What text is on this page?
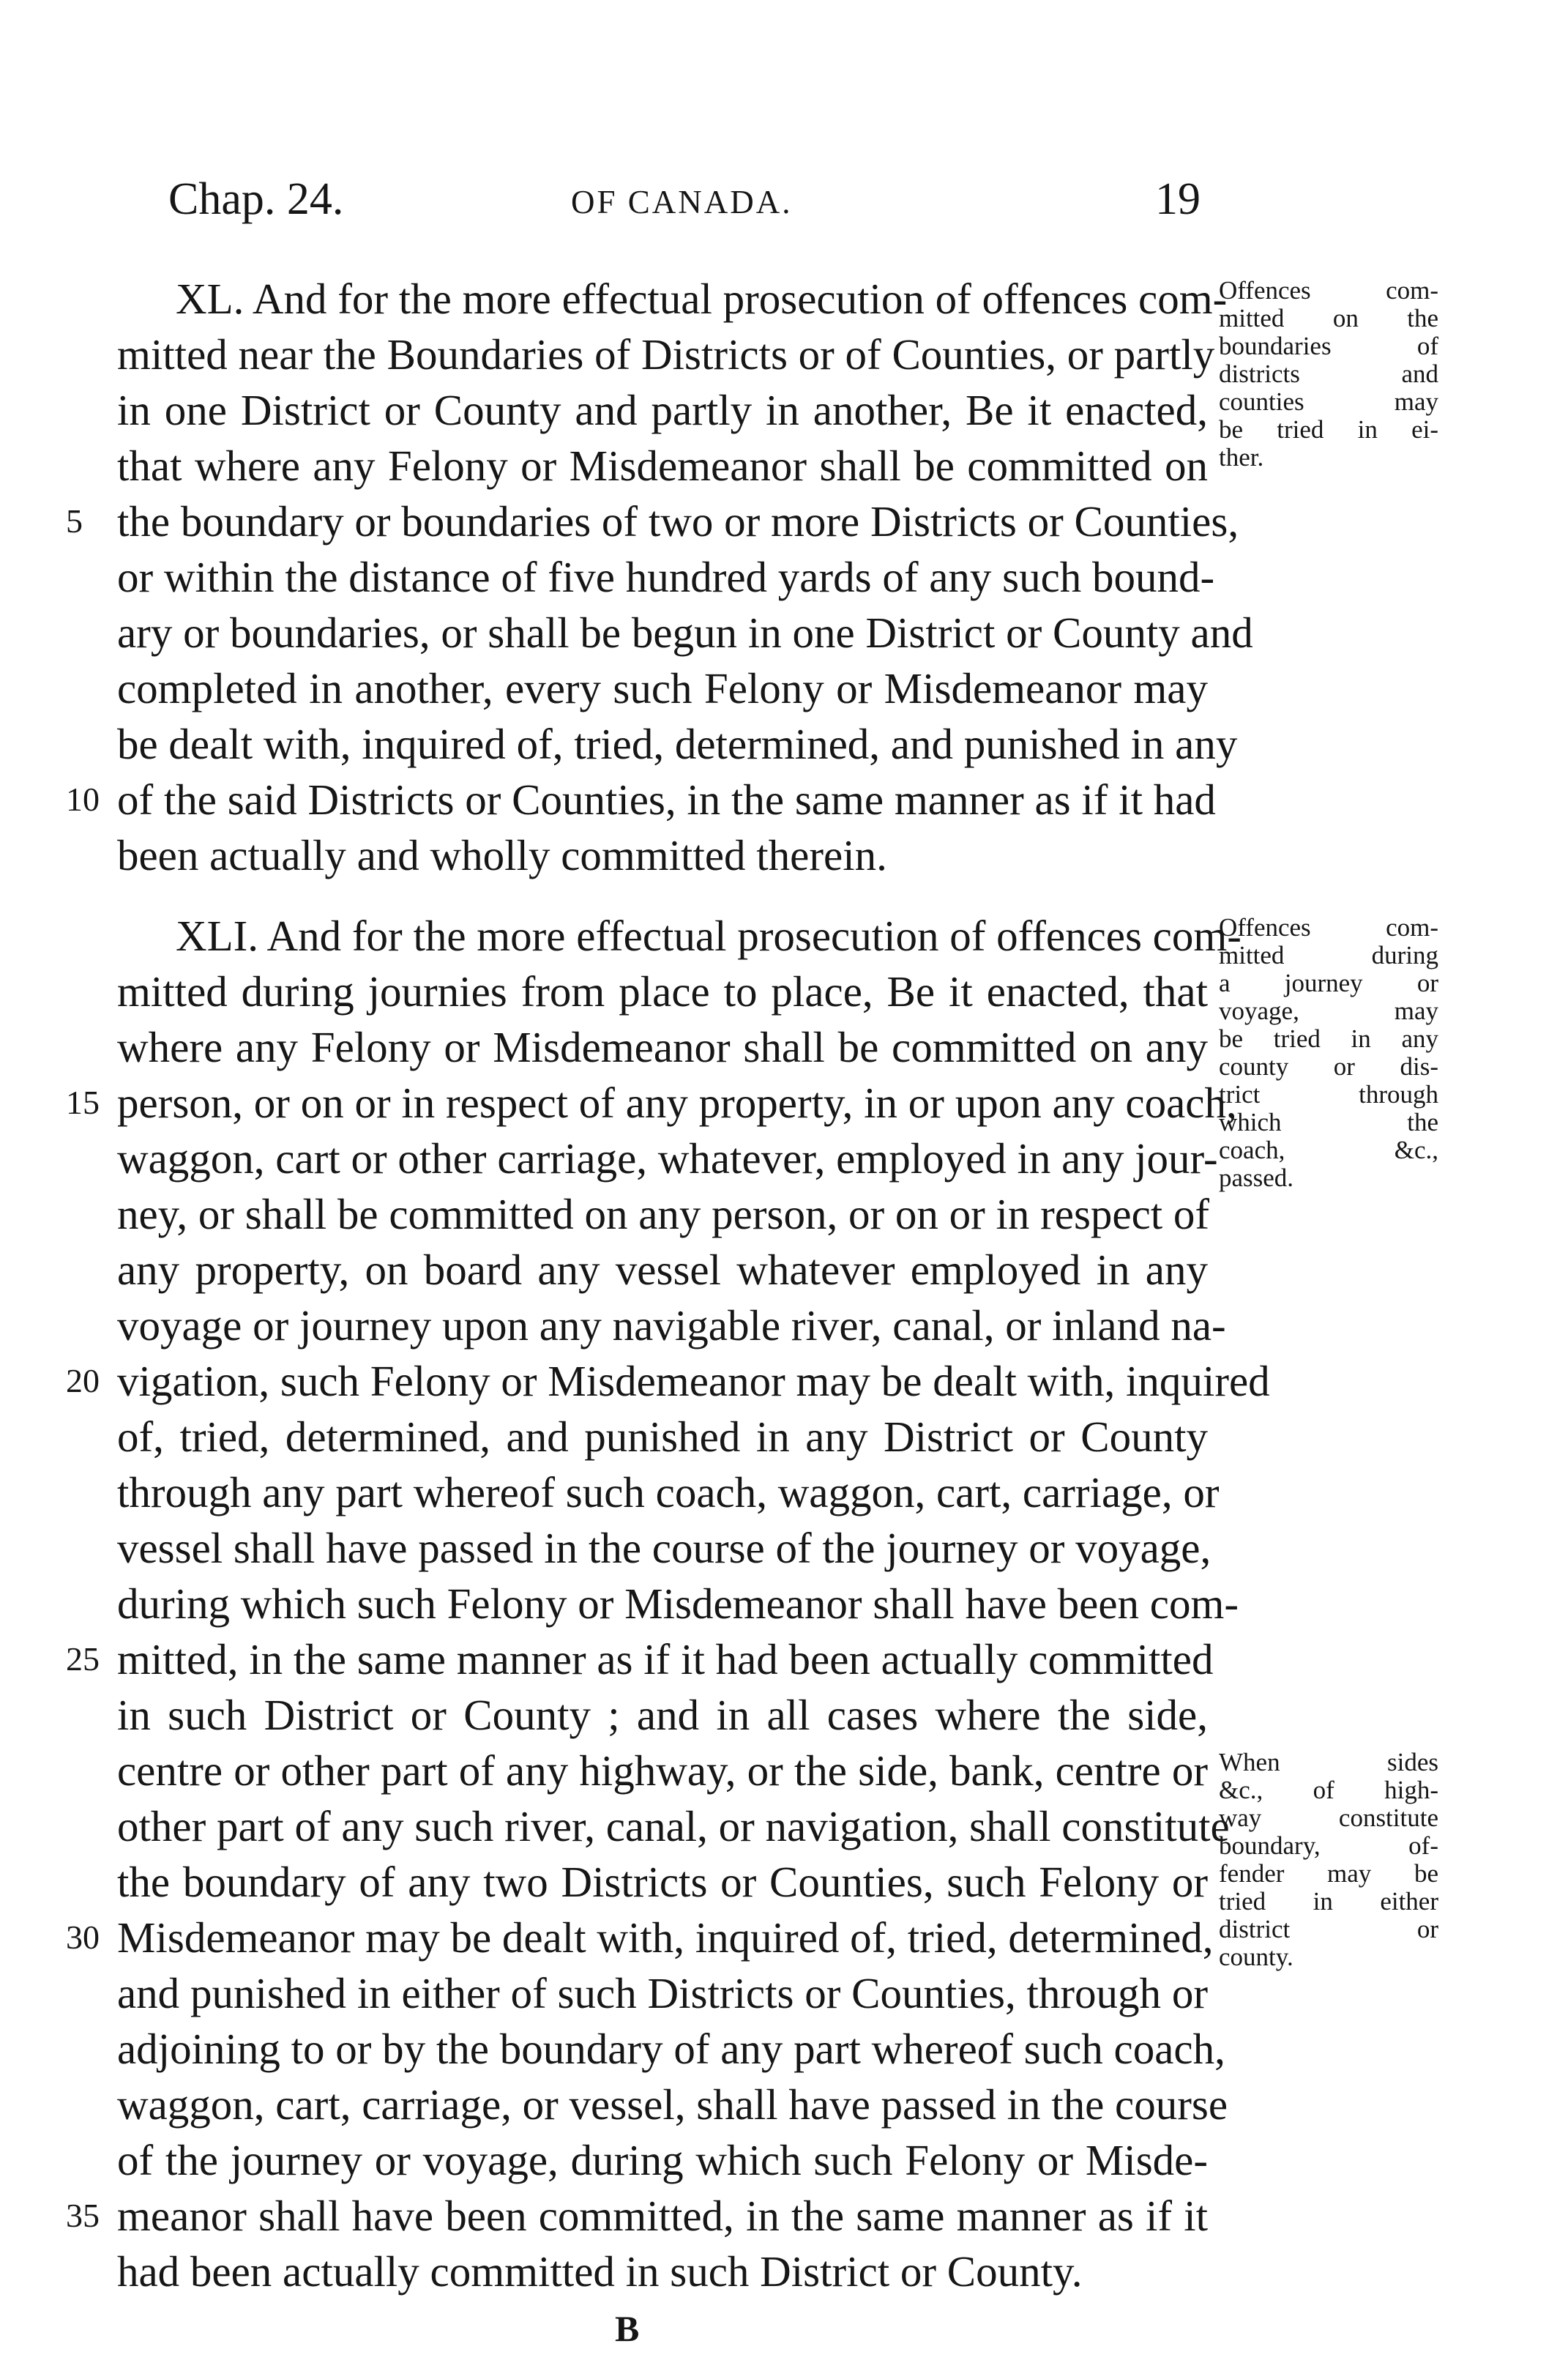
Chap. 24.	OF CANADA.	19
XL. And for the more effectual prosecution of offences com-
mitted near the Boundaries of Districts or of Counties, or partly
in one District or County and partly in another, Be it enacted,
that where any Felony or Misdemeanor shall be committed on
the boundary or boundaries of two or more Districts or Counties,
or within the distance of five hundred yards of any such bound-
ary or boundaries, or shall be begun in one District or County and
completed in another, every such Felony or Misdemeanor may
be dealt with, inquired of, tried, determined, and punished in any
of the said Districts or Counties, in the same manner as if it had
been actually and wholly committed therein.
Offences com-
mitted on the
boundaries of
districts and
counties may
be tried in ei-
ther.
XLI. And for the more effectual prosecution of offences com-
mitted during journies from place to place, Be it enacted, that
where any Felony or Misdemeanor shall be committed on any
person, or on or in respect of any property, in or upon any coach,
waggon, cart or other carriage, whatever, employed in any jour-
ney, or shall be committed on any person, or on or in respect of
any property, on board any vessel whatever employed in any
voyage or journey upon any navigable river, canal, or inland na-
vigation, such Felony or Misdemeanor may be dealt with, inquired
of, tried, determined, and punished in any District or County
through any part whereof such coach, waggon, cart, carriage, or
vessel shall have passed in the course of the journey or voyage,
during which such Felony or Misdemeanor shall have been com-
mitted, in the same manner as if it had been actually committed
in such District or County ; and in all cases where the side,
centre or other part of any highway, or the side, bank, centre or
other part of any such river, canal, or navigation, shall constitute
the boundary of any two Districts or Counties, such Felony or
Misdemeanor may be dealt with, inquired of, tried, determined,
and punished in either of such Districts or Counties, through or
adjoining to or by the boundary of any part whereof such coach,
waggon, cart, carriage, or vessel, shall have passed in the course
of the journey or voyage, during which such Felony or Misde-
meanor shall have been committed, in the same manner as if it
had been actually committed in such District or County.
Offences com-
mitted during
a journey or
voyage, may
be tried in any
county or dis-
trict through
which the
coach, &c.,
passed.
When sides
&c., of high-
way constitute
boundary, of-
fender may be
tried in either
district or
county.
5
10
15
20
25
30
35
B
